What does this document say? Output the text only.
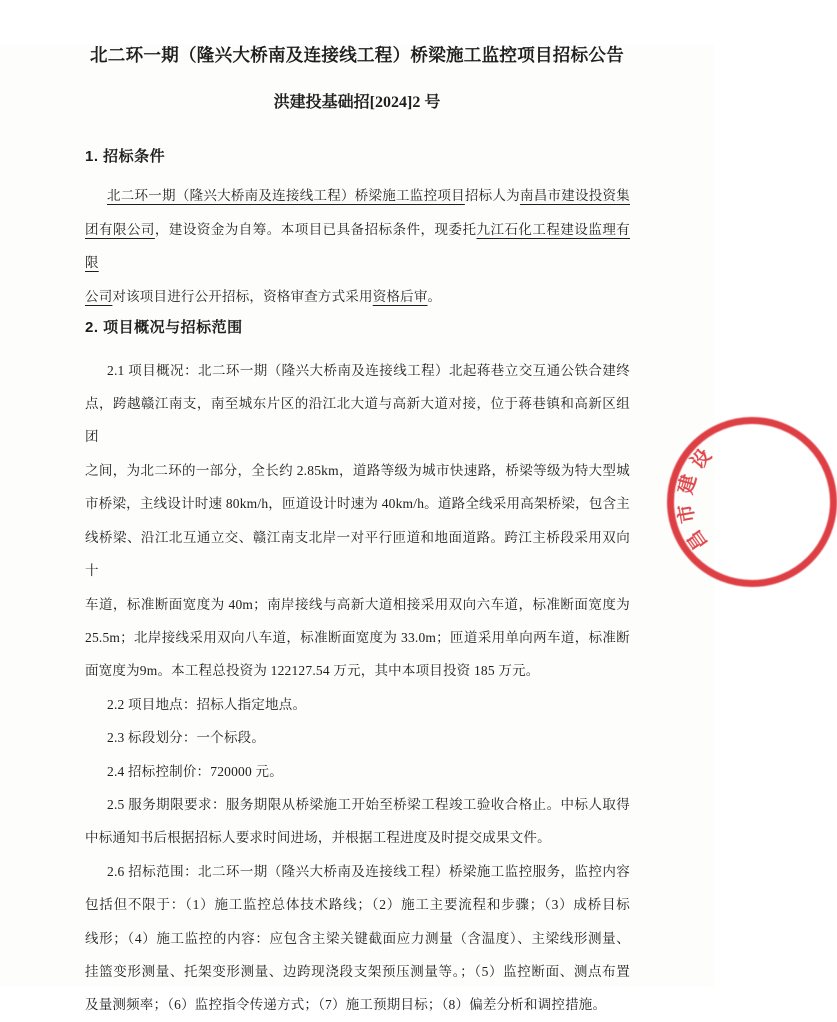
北二环一期（隆兴大桥南及连接线工程）桥梁施工监控项目招标公告
洪建投基础招[2024]2 号
1. 招标条件
北二环一期（隆兴大桥南及连接线工程）桥梁施工监控项目招标人为南昌市建设投资集
团有限公司，建设资金为自筹。本项目已具备招标条件，现委托九江石化工程建设监理有限
公司对该项目进行公开招标，资格审查方式采用资格后审。
2. 项目概况与招标范围
2.1 项目概况：北二环一期（隆兴大桥南及连接线工程）北起蒋巷立交互通公铁合建终
点，跨越赣江南支，南至城东片区的沿江北大道与高新大道对接，位于蒋巷镇和高新区组团
之间，为北二环的一部分，全长约 2.85km，道路等级为城市快速路，桥梁等级为特大型城
市桥梁，主线设计时速 80km/h，匝道设计时速为 40km/h。道路全线采用高架桥梁，包含主
线桥梁、沿江北互通立交、赣江南支北岸一对平行匝道和地面道路。跨江主桥段采用双向十
车道，标准断面宽度为 40m；南岸接线与高新大道相接采用双向六车道，标准断面宽度为
25.5m；北岸接线采用双向八车道，标准断面宽度为 33.0m；匝道采用单向两车道，标准断
面宽度为9m。本工程总投资为 122127.54 万元，其中本项目投资 185 万元。
2.2 项目地点：招标人指定地点。
2.3 标段划分：一个标段。
2.4 招标控制价：720000 元。
2.5 服务期限要求：服务期限从桥梁施工开始至桥梁工程竣工验收合格止。中标人取得
中标通知书后根据招标人要求时间进场，并根据工程进度及时提交成果文件。
2.6 招标范围：北二环一期（隆兴大桥南及连接线工程）桥梁施工监控服务，监控内容
包括但不限于：（1）施工监控总体技术路线；（2）施工主要流程和步骤；（3）成桥目标
线形；（4）施工监控的内容：应包含主梁关键截面应力测量（含温度）、主梁线形测量、
挂篮变形测量、托架变形测量、边跨现浇段支架预压测量等。；（5）监控断面、测点布置
及量测频率；（6）监控指令传递方式；（7）施工预期目标；（8）偏差分析和调控措施。
设
建
市
昌
